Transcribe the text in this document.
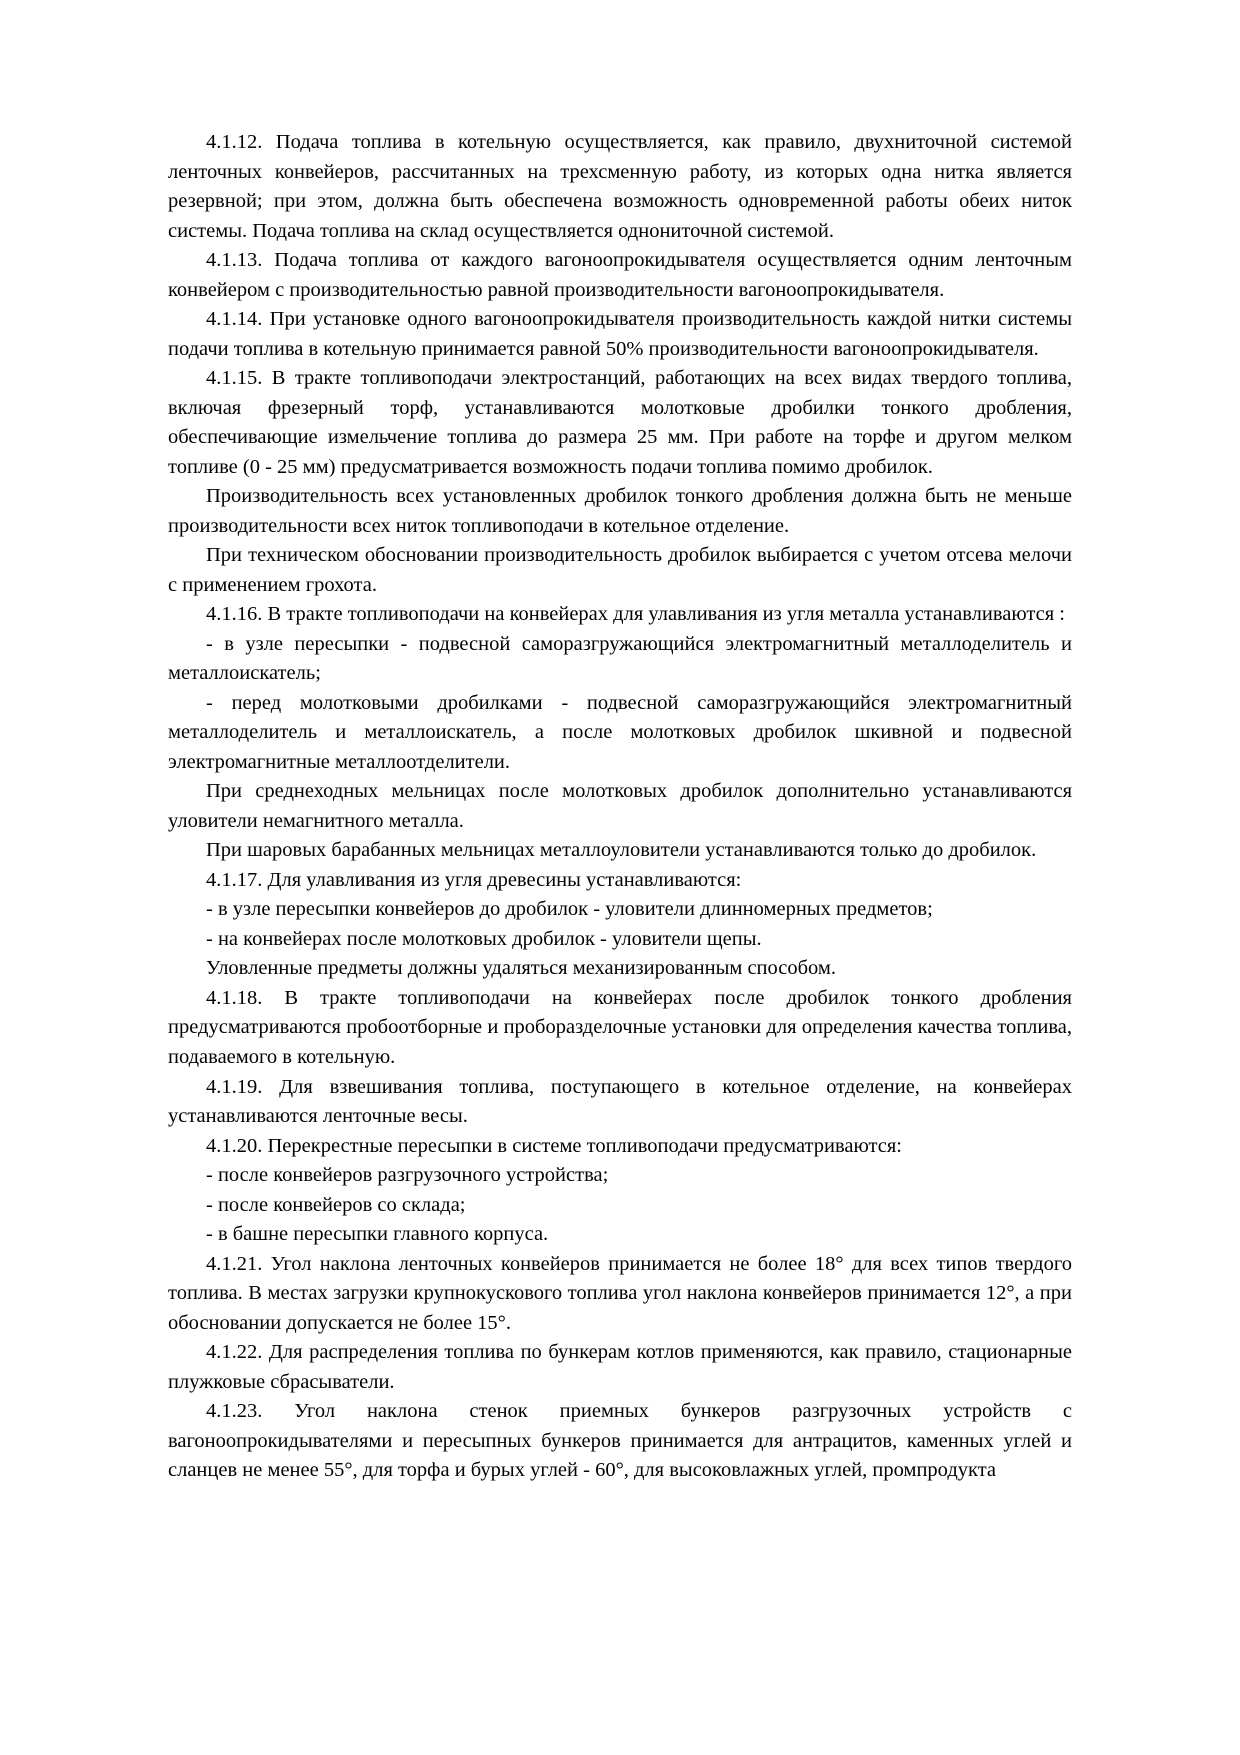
4.1.12. Подача топлива в котельную осуществляется, как правило, двухниточной системой ленточных конвейеров, рассчитанных на трехсменную работу, из которых одна нитка является резервной; при этом, должна быть обеспечена возможность одновременной работы обеих ниток системы. Подача топлива на склад осуществляется однониточной системой.

4.1.13. Подача топлива от каждого вагоноопрокидывателя осуществляется одним ленточным конвейером с производительностью равной производительности вагоноопрокидывателя.

4.1.14. При установке одного вагоноопрокидывателя производительность каждой нитки системы подачи топлива в котельную принимается равной 50% производительности вагоноопрокидывателя.

4.1.15. В тракте топливоподачи электростанций, работающих на всех видах твердого топлива, включая фрезерный торф, устанавливаются молотковые дробилки тонкого дробления, обеспечивающие измельчение топлива до размера 25 мм. При работе на торфе и другом мелком топливе (0 - 25 мм) предусматривается возможность подачи топлива помимо дробилок.

Производительность всех установленных дробилок тонкого дробления должна быть не меньше производительности всех ниток топливоподачи в котельное отделение.

При техническом обосновании производительность дробилок выбирается с учетом отсева мелочи с применением грохота.

4.1.16. В тракте топливоподачи на конвейерах для улавливания из угля металла устанавливаются :

- в узле пересыпки - подвесной саморазгружающийся электромагнитный металлоделитель и металлоискатель;

- перед молотковыми дробилками - подвесной саморазгружающийся электромагнитный металлоделитель и металлоискатель, а после молотковых дробилок шкивной и подвесной электромагнитные металлоотделители.

При среднеходных мельницах после молотковых дробилок дополнительно устанавливаются уловители немагнитного металла.

При шаровых барабанных мельницах металлоуловители устанавливаются только до дробилок.

4.1.17. Для улавливания из угля древесины устанавливаются:

- в узле пересыпки конвейеров до дробилок - уловители длинномерных предметов;

- на конвейерах после молотковых дробилок - уловители щепы.

Уловленные предметы должны удаляться механизированным способом.

4.1.18. В тракте топливоподачи на конвейерах после дробилок тонкого дробления предусматриваются пробоотборные и проборазделочные установки для определения качества топлива, подаваемого в котельную.

4.1.19. Для взвешивания топлива, поступающего в котельное отделение, на конвейерах устанавливаются ленточные весы.

4.1.20. Перекрестные пересыпки в системе топливоподачи предусматриваются:

- после конвейеров разгрузочного устройства;

- после конвейеров со склада;

- в башне пересыпки главного корпуса.

4.1.21. Угол наклона ленточных конвейеров принимается не более 18° для всех типов твердого топлива. В местах загрузки крупнокускового топлива угол наклона конвейеров принимается 12°, а при обосновании допускается не более 15°.

4.1.22. Для распределения топлива по бункерам котлов применяются, как правило, стационарные плужковые сбрасыватели.

4.1.23. Угол наклона стенок приемных бункеров разгрузочных устройств с вагоноопрокидывателями и пересыпных бункеров принимается для антрацитов, каменных углей и сланцев не менее 55°, для торфа и бурых углей - 60°, для высоковлажных углей, промпродукта
